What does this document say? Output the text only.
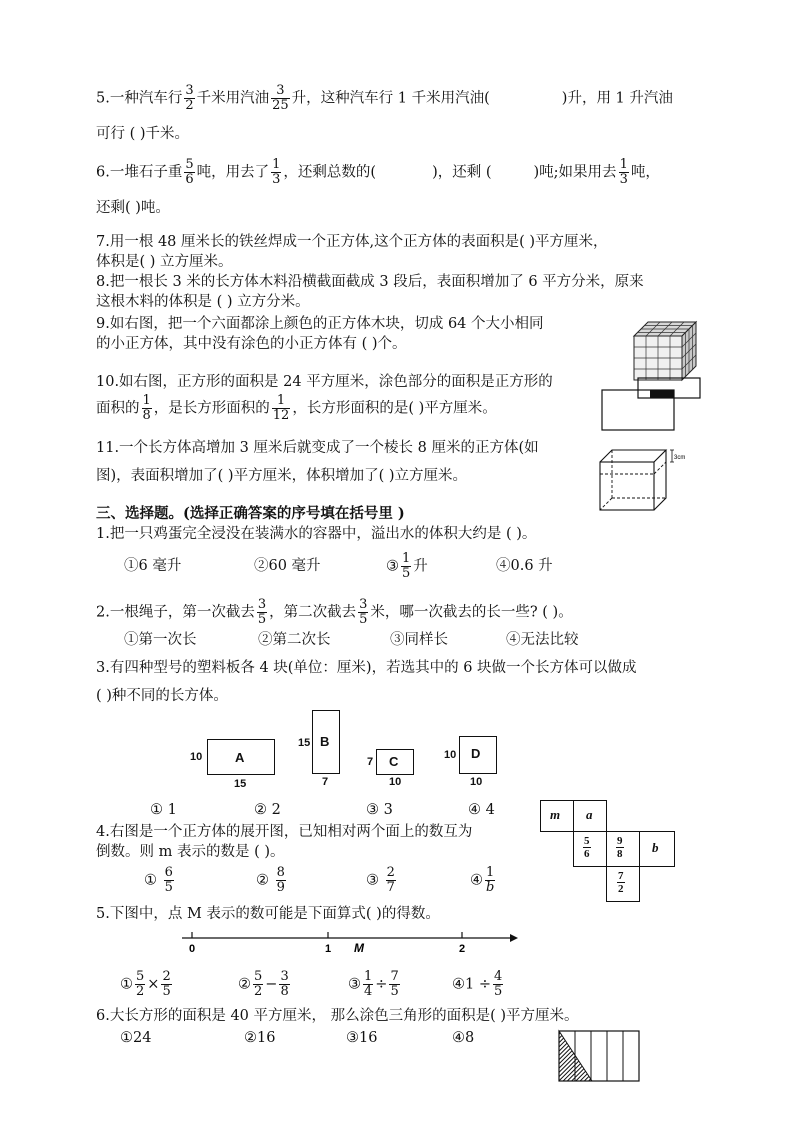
5.一种汽车行 $\frac{3}{2}$ 千米用汽油 $\frac{3}{25}$ 升，这种汽车行 1 千米用汽油(	)升，用 1 升汽油
可行 ( )千米。
6.一堆石子重 $\frac{5}{6}$ 吨，用去了 $\frac{1}{3}$ ，还剩总数的(	)，还剩 (	)吨;如果用去 $\frac{1}{3}$ 吨，
还剩( )吨。
7.用一根 48 厘米长的铁丝焊成一个正方体,这个正方体的表面积是( )平方厘米，
体积是( ) 立方厘米。
8.把一根长 3 米的长方体木料沿横截面截成 3 段后，表面积增加了 6 平方分米，原来
这根木料的体积是 ( ) 立方分米。
9.如右图，把一个六面都涂上颜色的正方体木块，切成 64 个大小相同
的小正方体，其中没有涂色的小正方体有 ( )个。
10.如右图，正方形的面积是 24 平方厘米，涂色部分的面积是正方形的
面积的 $\frac{1}{8}$ ，是长方形面积的 $\frac{1}{12}$ ，长方形面积的是( )平方厘米。
11.一个长方体高增加 3 厘米后就变成了一个棱长 8 厘米的正方体(如
图)，表面积增加了( )平方厘米，体积增加了( )立方厘米。
3cm
三、选择题。(选择正确答案的序号填在括号里 )
1.把一只鸡蛋完全浸没在装满水的容器中，溢出水的体积大约是 ( )。
①6 毫升	②60 毫升	③ $\frac{1}{5}$ 升	④0.6 升
2.一根绳子，第一次截去 $\frac{3}{5}$ ，第二次截去 $\frac{3}{5}$ 米，哪一次截去的长一些? ( )。
①第一次长	②第二次长	③同样长	④无法比较
3.有四种型号的塑料板各 4 块(单位：厘米)，若选其中的 6 块做一个长方体可以做成
( )种不同的长方体。
A
10
15
B
15
7
C
7
10
D
10
10
① 1	② 2	③ 3	④ 4
4.右图是一个正方体的展开图，已知相对两个面上的数互为
倒数。则 m 表示的数是 ( )。
m a
$\frac{5}{6} \frac{9}{8}$ b
$\frac{7}{2}$
① $\frac{6}{5}$	② $\frac{8}{9}$	③ $\frac{2}{7}$	④ $\frac{1}{b}$
5.下图中，点 M 表示的数可能是下面算式( )的得数。
0	1 M	2
① $\frac{5}{2} \times \frac{2}{5}$	② $\frac{5}{2} - \frac{3}{8}$	③ $\frac{1}{4} \div \frac{7}{5}$	④1 ÷ $\frac{4}{5}$
6.大长方形的面积是 40 平方厘米， 那么涂色三角形的面积是( )平方厘米。
①24	②16	③16	④8
